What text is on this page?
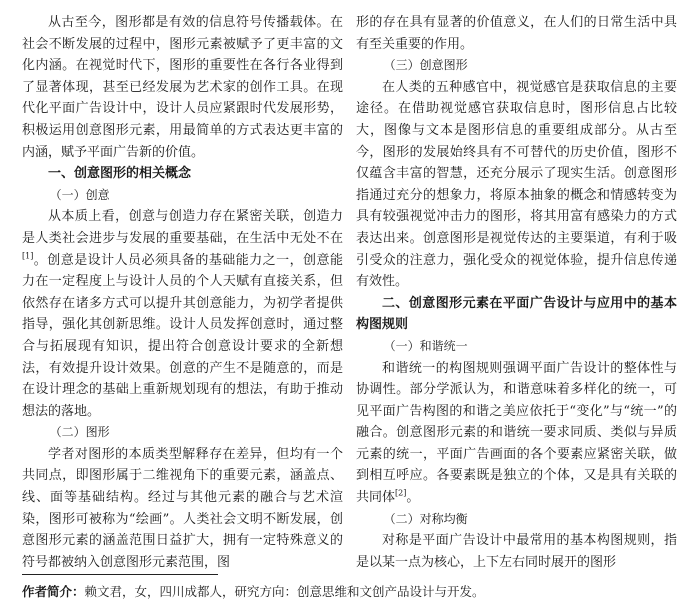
从古至今，图形都是有效的信息符号传播载体。在社会不断发展的过程中，图形元素被赋予了更丰富的文化内涵。在视觉时代下，图形的重要性在各行各业得到了显著体现，甚至已经发展为艺术家的创作工具。在现代化平面广告设计中，设计人员应紧跟时代发展形势，积极运用创意图形元素，用最简单的方式表达更丰富的内涵，赋予平面广告新的价值。

一、创意图形的相关概念

（一）创意

从本质上看，创意与创造力存在紧密关联，创造力是人类社会进步与发展的重要基础，在生活中无处不在[1]。创意是设计人员必须具备的基础能力之一，创意能力在一定程度上与设计人员的个人天赋有直接关系，但依然存在诸多方式可以提升其创意能力，为初学者提供指导，强化其创新思维。设计人员发挥创意时，通过整合与拓展现有知识，提出符合创意设计要求的全新想法，有效提升设计效果。创意的产生不是随意的，而是在设计理念的基础上重新规划现有的想法，有助于推动想法的落地。

（二）图形

学者对图形的本质类型解释存在差异，但均有一个共同点，即图形属于二维视角下的重要元素，涵盖点、线、面等基础结构。经过与其他元素的融合与艺术渲染，图形可被称为“绘画”。人类社会文明不断发展，创意图形元素的涵盖范围日益扩大，拥有一定特殊意义的符号都被纳入创意图形元素范围，图

形的存在具有显著的价值意义，在人们的日常生活中具有至关重要的作用。

（三）创意图形

在人类的五种感官中，视觉感官是获取信息的主要途径。在借助视觉感官获取信息时，图形信息占比较大，图像与文本是图形信息的重要组成部分。从古至今，图形的发展始终具有不可替代的历史价值，图形不仅蕴含丰富的智慧，还充分展示了现实生活。创意图形指通过充分的想象力，将原本抽象的概念和情感转变为具有较强视觉冲击力的图形，将其用富有感染力的方式表达出来。创意图形是视觉传达的主要渠道，有利于吸引受众的注意力，强化受众的视觉体验，提升信息传递有效性。

二、创意图形元素在平面广告设计与应用中的基本构图规则

（一）和谐统一

和谐统一的构图规则强调平面广告设计的整体性与协调性。部分学派认为，和谐意味着多样化的统一，可见平面广告构图的和谐之美应依托于“变化”与“统一”的融合。创意图形元素的和谐统一要求同质、类似与异质元素的统一，平面广告画面的各个要素应紧密关联，做到相互呼应。各要素既是独立的个体，又是具有关联的共同体[2]。

（二）对称均衡

对称是平面广告设计中最常用的基本构图规则，指是以某一点为核心，上下左右同时展开的图形

作者简介：赖文君，女，四川成都人，研究方向：创意思维和文创产品设计与开发。
